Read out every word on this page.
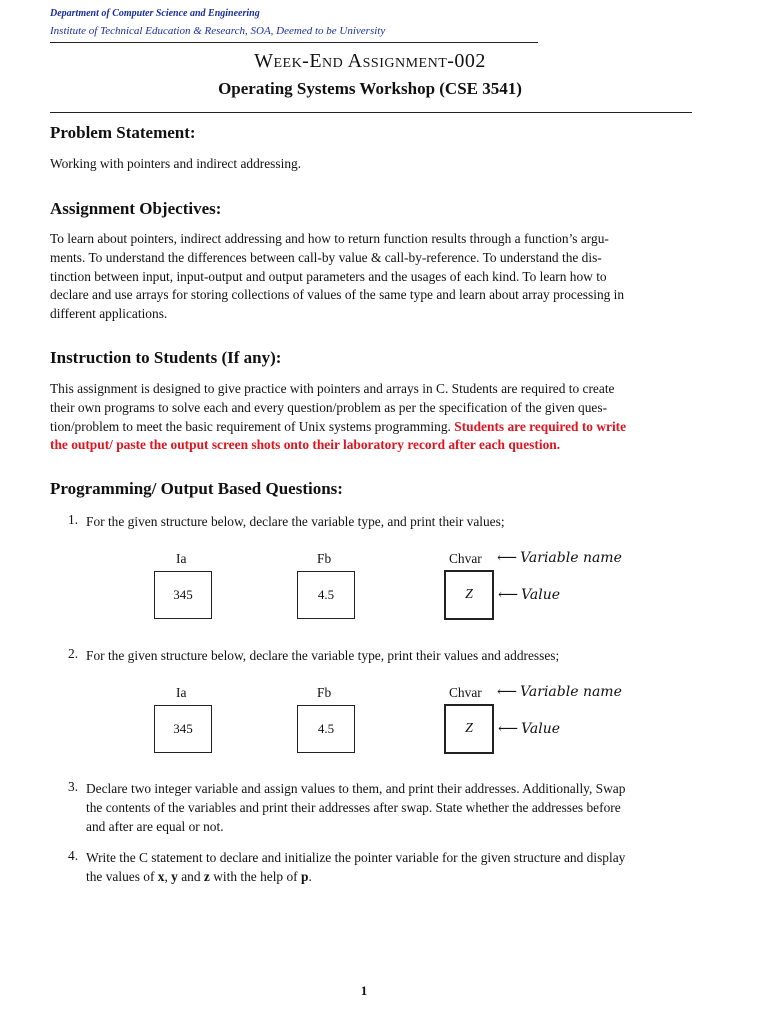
Department of Computer Science and Engineering
Institute of Technical Education & Research, SOA, Deemed to be University
Week-End Assignment-002
Operating Systems Workshop (CSE 3541)
Problem Statement:
Working with pointers and indirect addressing.
Assignment Objectives:
To learn about pointers, indirect addressing and how to return function results through a function’s argu-
ments. To understand the differences between call-by value & call-by-reference. To understand the dis-
tinction between input, input-output and output parameters and the usages of each kind. To learn how to
declare and use arrays for storing collections of values of the same type and learn about array processing in
different applications.
Instruction to Students (If any):
This assignment is designed to give practice with pointers and arrays in C. Students are required to create
their own programs to solve each and every question/problem as per the specification of the given ques-
tion/problem to meet the basic requirement of Unix systems programming. Students are required to write
the output/ paste the output screen shots onto their laboratory record after each question.
Programming/ Output Based Questions:
1. For the given structure below, declare the variable type, and print their values;
Ia	Fb	Chvar ⟵ Variable name
345	4.5	Z ⟵ Value
2. For the given structure below, declare the variable type, print their values and addresses;
Ia	Fb	Chvar ⟵ Variable name
345	4.5	Z ⟵ Value
3. Declare two integer variable and assign values to them, and print their addresses. Additionally, Swap
the contents of the variables and print their addresses after swap. State whether the addresses before
and after are equal or not.
4. Write the C statement to declare and initialize the pointer variable for the given structure and display
the values of x, y and z with the help of p.
1
